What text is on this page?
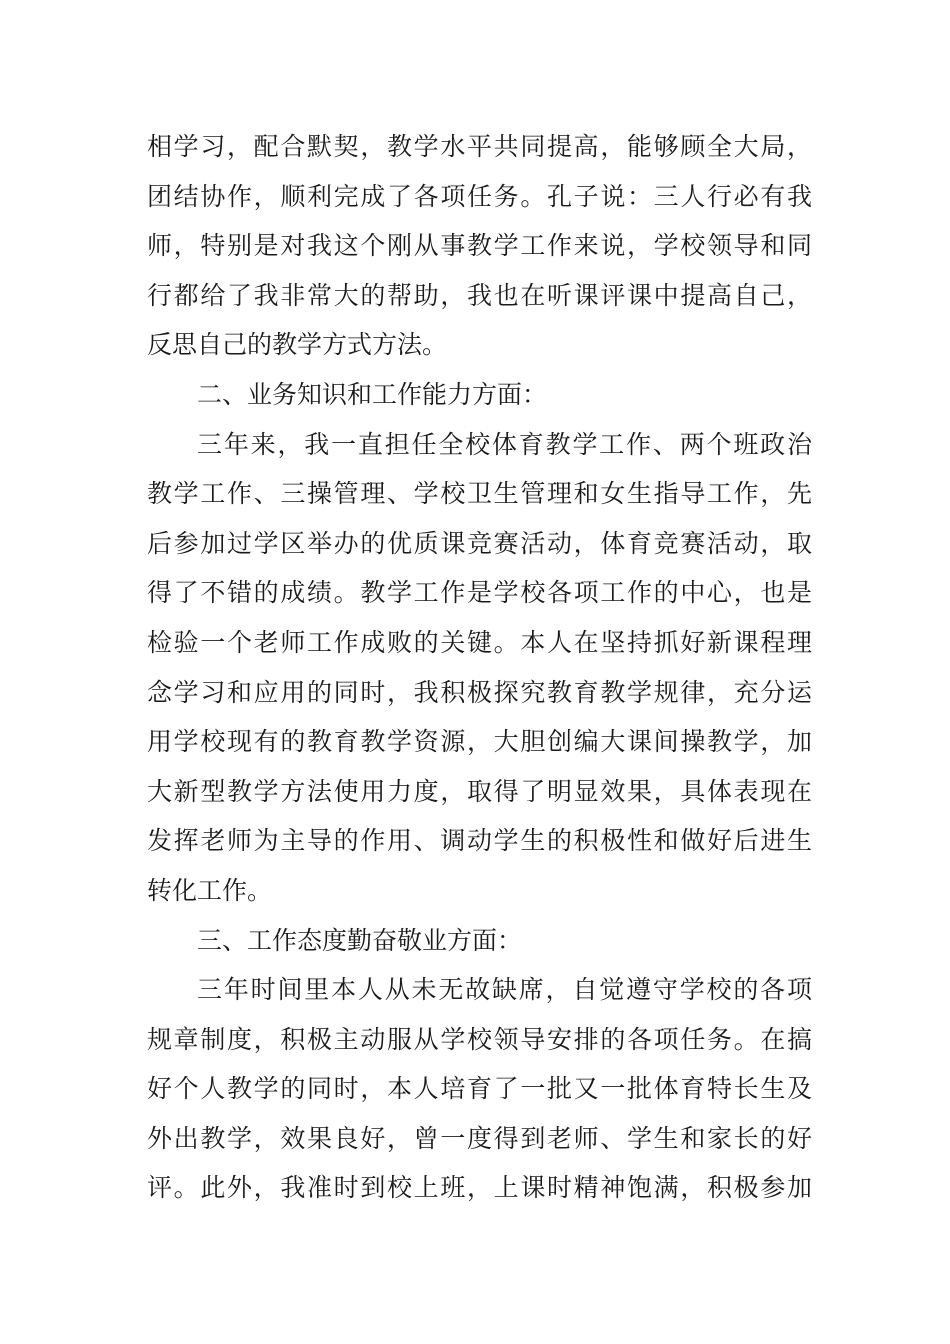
相学习，配合默契，教学水平共同提高，能够顾全大局，
团结协作，顺利完成了各项任务。孔子说：三人行必有我
师，特别是对我这个刚从事教学工作来说，学校领导和同
行都给了我非常大的帮助，我也在听课评课中提高自己，
反思自己的教学方式方法。
二、业务知识和工作能力方面：
三年来，我一直担任全校体育教学工作、两个班政治
教学工作、三操管理、学校卫生管理和女生指导工作，先
后参加过学区举办的优质课竞赛活动，体育竞赛活动，取
得了不错的成绩。教学工作是学校各项工作的中心，也是
检验一个老师工作成败的关键。本人在坚持抓好新课程理
念学习和应用的同时，我积极探究教育教学规律，充分运
用学校现有的教育教学资源，大胆创编大课间操教学，加
大新型教学方法使用力度，取得了明显效果，具体表现在
发挥老师为主导的作用、调动学生的积极性和做好后进生
转化工作。
三、工作态度勤奋敬业方面：
三年时间里本人从未无故缺席，自觉遵守学校的各项
规章制度，积极主动服从学校领导安排的各项任务。在搞
好个人教学的同时，本人培育了一批又一批体育特长生及
外出教学，效果良好，曾一度得到老师、学生和家长的好
评。此外，我准时到校上班，上课时精神饱满，积极参加
